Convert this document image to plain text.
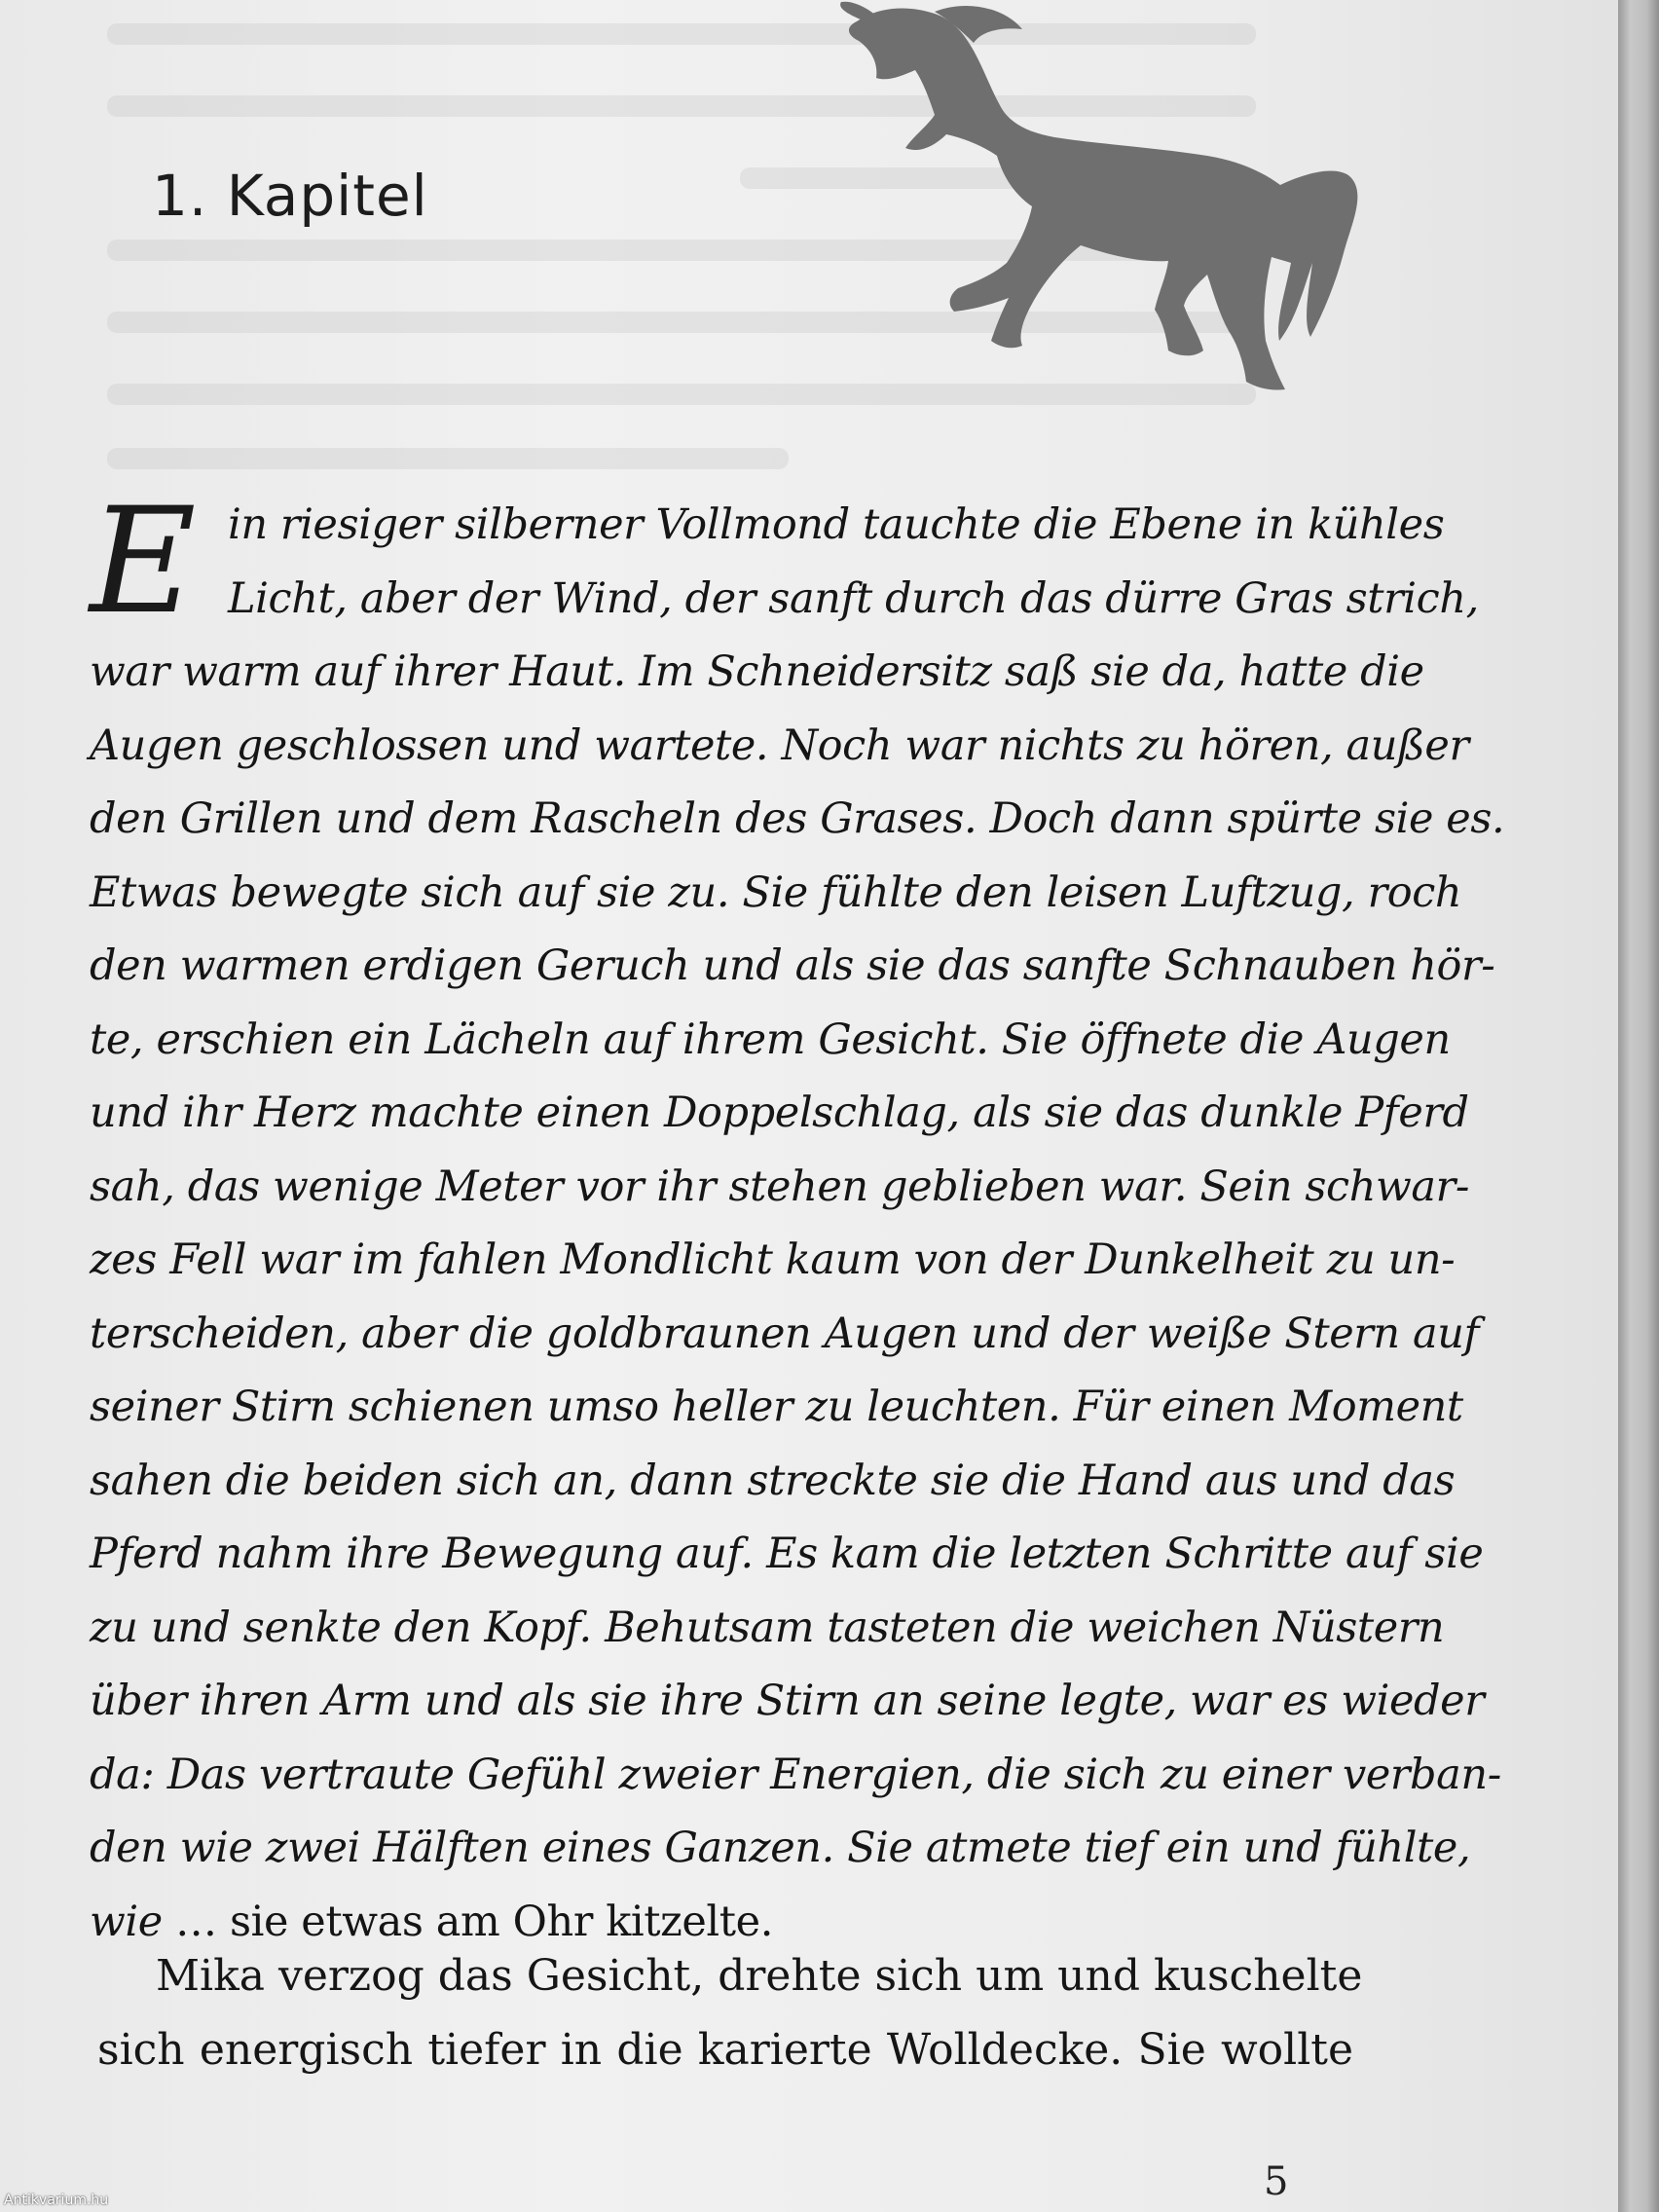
1. Kapitel
E in riesiger silberner Vollmond tauchte die Ebene in kühles
Licht, aber der Wind, der sanft durch das dürre Gras strich,
war warm auf ihrer Haut. Im Schneidersitz saß sie da, hatte die
Augen geschlossen und wartete. Noch war nichts zu hören, außer
den Grillen und dem Rascheln des Grases. Doch dann spürte sie es.
Etwas bewegte sich auf sie zu. Sie fühlte den leisen Luftzug, roch
den warmen erdigen Geruch und als sie das sanfte Schnauben hör-
te, erschien ein Lächeln auf ihrem Gesicht. Sie öffnete die Augen
und ihr Herz machte einen Doppelschlag, als sie das dunkle Pferd
sah, das wenige Meter vor ihr stehen geblieben war. Sein schwar-
zes Fell war im fahlen Mondlicht kaum von der Dunkelheit zu un-
terscheiden, aber die goldbraunen Augen und der weiße Stern auf
seiner Stirn schienen umso heller zu leuchten. Für einen Moment
sahen die beiden sich an, dann streckte sie die Hand aus und das
Pferd nahm ihre Bewegung auf. Es kam die letzten Schritte auf sie
zu und senkte den Kopf. Behutsam tasteten die weichen Nüstern
über ihren Arm und als sie ihre Stirn an seine legte, war es wieder
da: Das vertraute Gefühl zweier Energien, die sich zu einer verban-
den wie zwei Hälften eines Ganzen. Sie atmete tief ein und fühlte,
wie … sie etwas am Ohr kitzelte.
Mika verzog das Gesicht, drehte sich um und kuschelte
sich energisch tiefer in die karierte Wolldecke. Sie wollte
5
Antikvarium.hu
